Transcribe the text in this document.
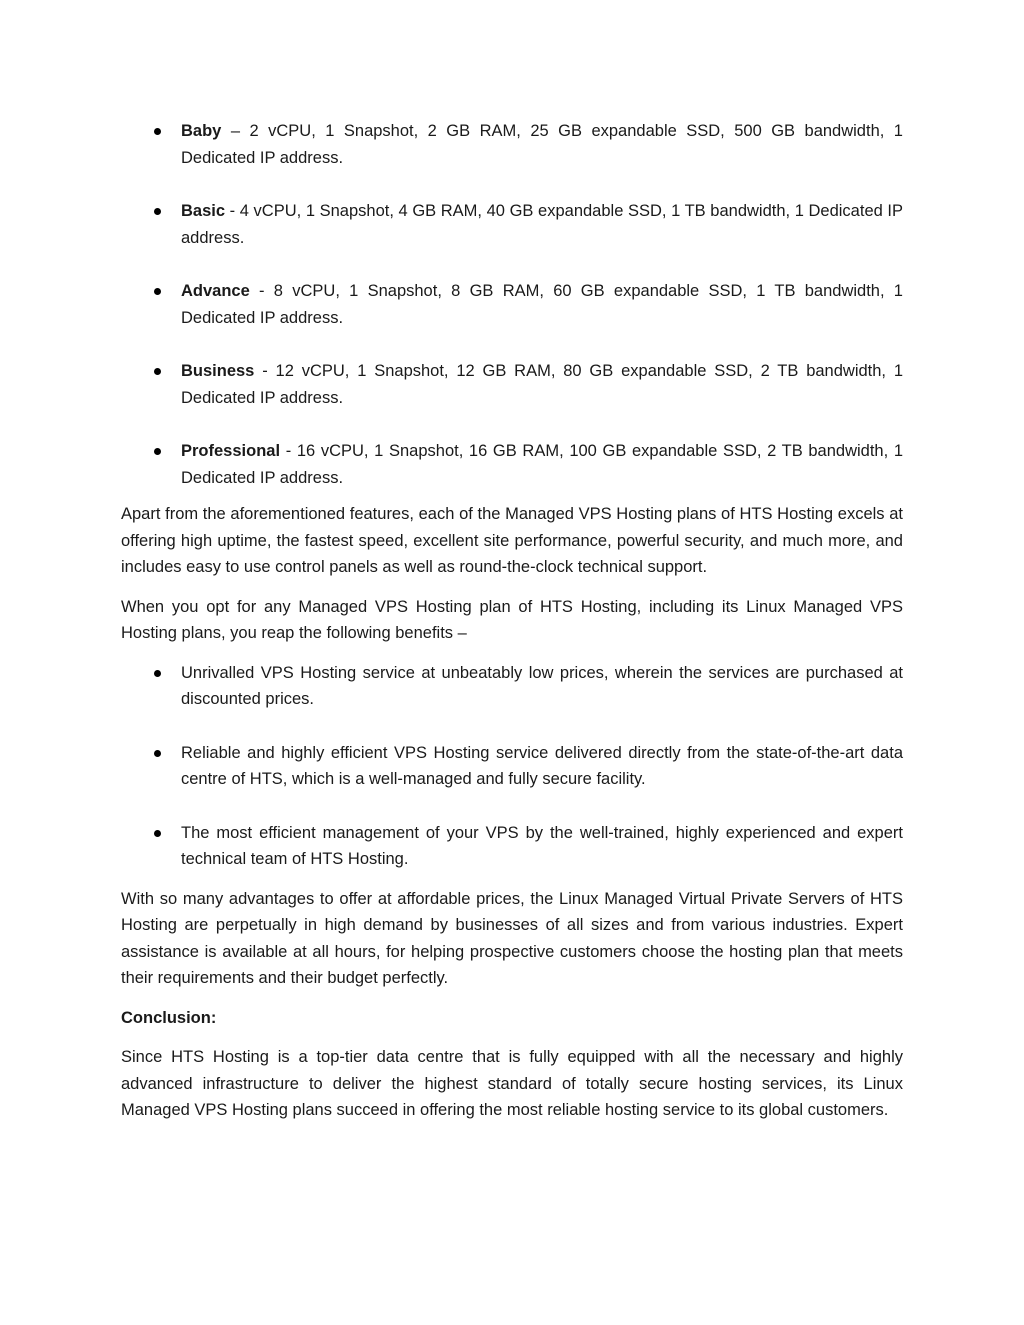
Baby – 2 vCPU, 1 Snapshot, 2 GB RAM, 25 GB expandable SSD, 500 GB bandwidth, 1 Dedicated IP address.
Basic - 4 vCPU, 1 Snapshot, 4 GB RAM, 40 GB expandable SSD, 1 TB bandwidth, 1 Dedicated IP address.
Advance - 8 vCPU, 1 Snapshot, 8 GB RAM, 60 GB expandable SSD, 1 TB bandwidth, 1 Dedicated IP address.
Business - 12 vCPU, 1 Snapshot, 12 GB RAM, 80 GB expandable SSD, 2 TB bandwidth, 1 Dedicated IP address.
Professional - 16 vCPU, 1 Snapshot, 16 GB RAM, 100 GB expandable SSD, 2 TB bandwidth, 1 Dedicated IP address.

Apart from the aforementioned features, each of the Managed VPS Hosting plans of HTS Hosting excels at offering high uptime, the fastest speed, excellent site performance, powerful security, and much more, and includes easy to use control panels as well as round-the-clock technical support.

When you opt for any Managed VPS Hosting plan of HTS Hosting, including its Linux Managed VPS Hosting plans, you reap the following benefits –

Unrivalled VPS Hosting service at unbeatably low prices, wherein the services are purchased at discounted prices.
Reliable and highly efficient VPS Hosting service delivered directly from the state-of-the-art data centre of HTS, which is a well-managed and fully secure facility.
The most efficient management of your VPS by the well-trained, highly experienced and expert technical team of HTS Hosting.

With so many advantages to offer at affordable prices, the Linux Managed Virtual Private Servers of HTS Hosting are perpetually in high demand by businesses of all sizes and from various industries. Expert assistance is available at all hours, for helping prospective customers choose the hosting plan that meets their requirements and their budget perfectly.

Conclusion:

Since HTS Hosting is a top-tier data centre that is fully equipped with all the necessary and highly advanced infrastructure to deliver the highest standard of totally secure hosting services, its Linux Managed VPS Hosting plans succeed in offering the most reliable hosting service to its global customers.
